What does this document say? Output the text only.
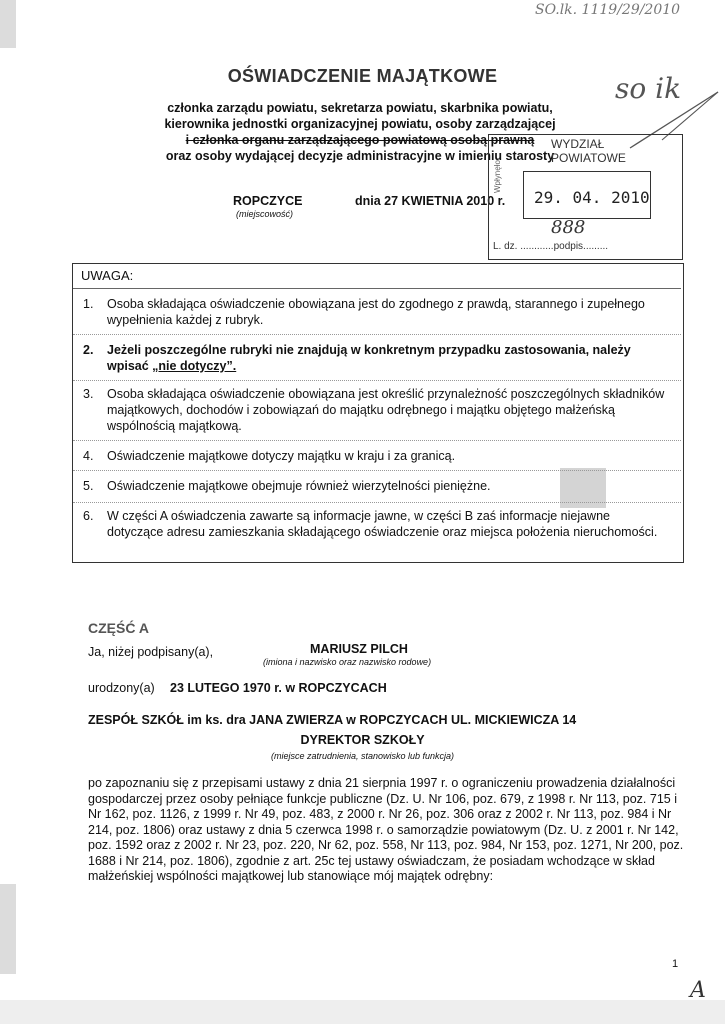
SO.lk. 1119/29/2010
OŚWIADCZENIE MAJĄTKOWE
członka zarządu powiatu, sekretarza powiatu, skarbnika powiatu,
kierownika jednostki organizacyjnej powiatu, osoby zarządzającej
i członka organu zarządzającego powiatową osobą prawną
oraz osoby wydającej decyzje administracyjne w imieniu starosty
so ik
ROPCZYCE
(miejscowość)
dnia 27 KWIETNIA 2010 r.
WYDZIAŁ POWIATOWE
Wpłynęło
29. 04. 2010
888
L. dz. ............podpis.........
UWAGA:
1. Osoba składająca oświadczenie obowiązana jest do zgodnego z prawdą, starannego i zupełnego wypełnienia każdej z rubryk.
2. Jeżeli poszczególne rubryki nie znajdują w konkretnym przypadku zastosowania, należy wpisać „nie dotyczy”.
3. Osoba składająca oświadczenie obowiązana jest określić przynależność poszczególnych składników majątkowych, dochodów i zobowiązań do majątku odrębnego i majątku objętego małżeńską wspólnością majątkową.
4. Oświadczenie majątkowe dotyczy majątku w kraju i za granicą.
5. Oświadczenie majątkowe obejmuje również wierzytelności pieniężne.
6. W części A oświadczenia zawarte są informacje jawne, w części B zaś informacje niejawne dotyczące adresu zamieszkania składającego oświadczenie oraz miejsca położenia nieruchomości.
CZĘŚĆ A
Ja, niżej podpisany(a),	MARIUSZ PILCH
(imiona i nazwisko oraz nazwisko rodowe)
urodzony(a) 23 LUTEGO 1970 r. w ROPCZYCACH
ZESPÓŁ SZKÓŁ im ks. dra JANA ZWIERZA w ROPCZYCACH UL. MICKIEWICZA 14
DYREKTOR SZKOŁY
(miejsce zatrudnienia, stanowisko lub funkcja)
po zapoznaniu się z przepisami ustawy z dnia 21 sierpnia 1997 r. o ograniczeniu prowadzenia działalności gospodarczej przez osoby pełniące funkcje publiczne (Dz. U. Nr 106, poz. 679, z 1998 r. Nr 113, poz. 715 i Nr 162, poz. 1126, z 1999 r. Nr 49, poz. 483, z 2000 r. Nr 26, poz. 306 oraz z 2002 r. Nr 113, poz. 984 i Nr 214, poz. 1806) oraz ustawy z dnia 5 czerwca 1998 r. o samorządzie powiatowym (Dz. U. z 2001 r. Nr 142, poz. 1592 oraz z 2002 r. Nr 23, poz. 220, Nr 62, poz. 558, Nr 113, poz. 984, Nr 153, poz. 1271, Nr 200, poz. 1688 i Nr 214, poz. 1806), zgodnie z art. 25c tej ustawy oświadczam, że posiadam wchodzące w skład małżeńskiej wspólności majątkowej lub stanowiące mój majątek odrębny:
1
A
